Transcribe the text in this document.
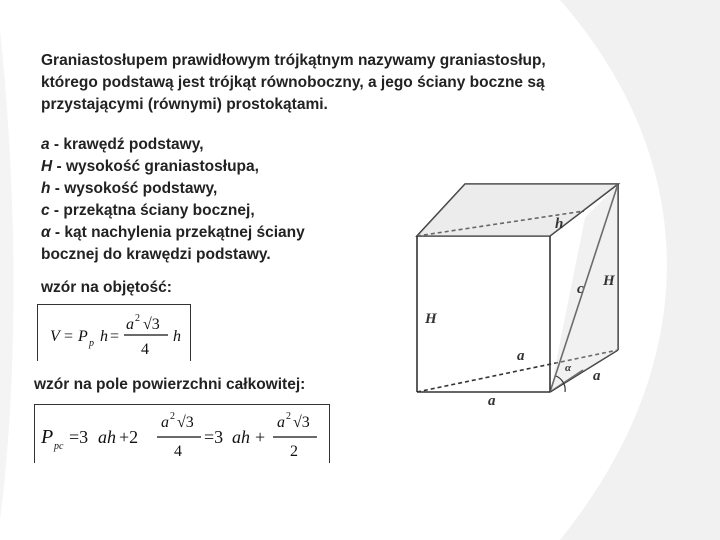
Graniastosłupem prawidłowym trójkątnym nazywamy graniastosłup, którego podstawą jest trójkąt równoboczny, a jego ściany boczne są przystającymi (równymi) prostokątami.
a - krawędź podstawy,
H - wysokość graniastosłupa,
h - wysokość podstawy,
c - przekątna ściany bocznej,
α - kąt nachylenia przekątnej ściany
bocznej do krawędzi podstawy.
wzór na objętość:
V = P p h =
a 2 √3
4
h
wzór na pole powierzchni całkowitej:
P pc =3 ah +2
a 2 √3
4
=3 ah +
a 2 √3
2
H
H
h
c
a
a
a
α
